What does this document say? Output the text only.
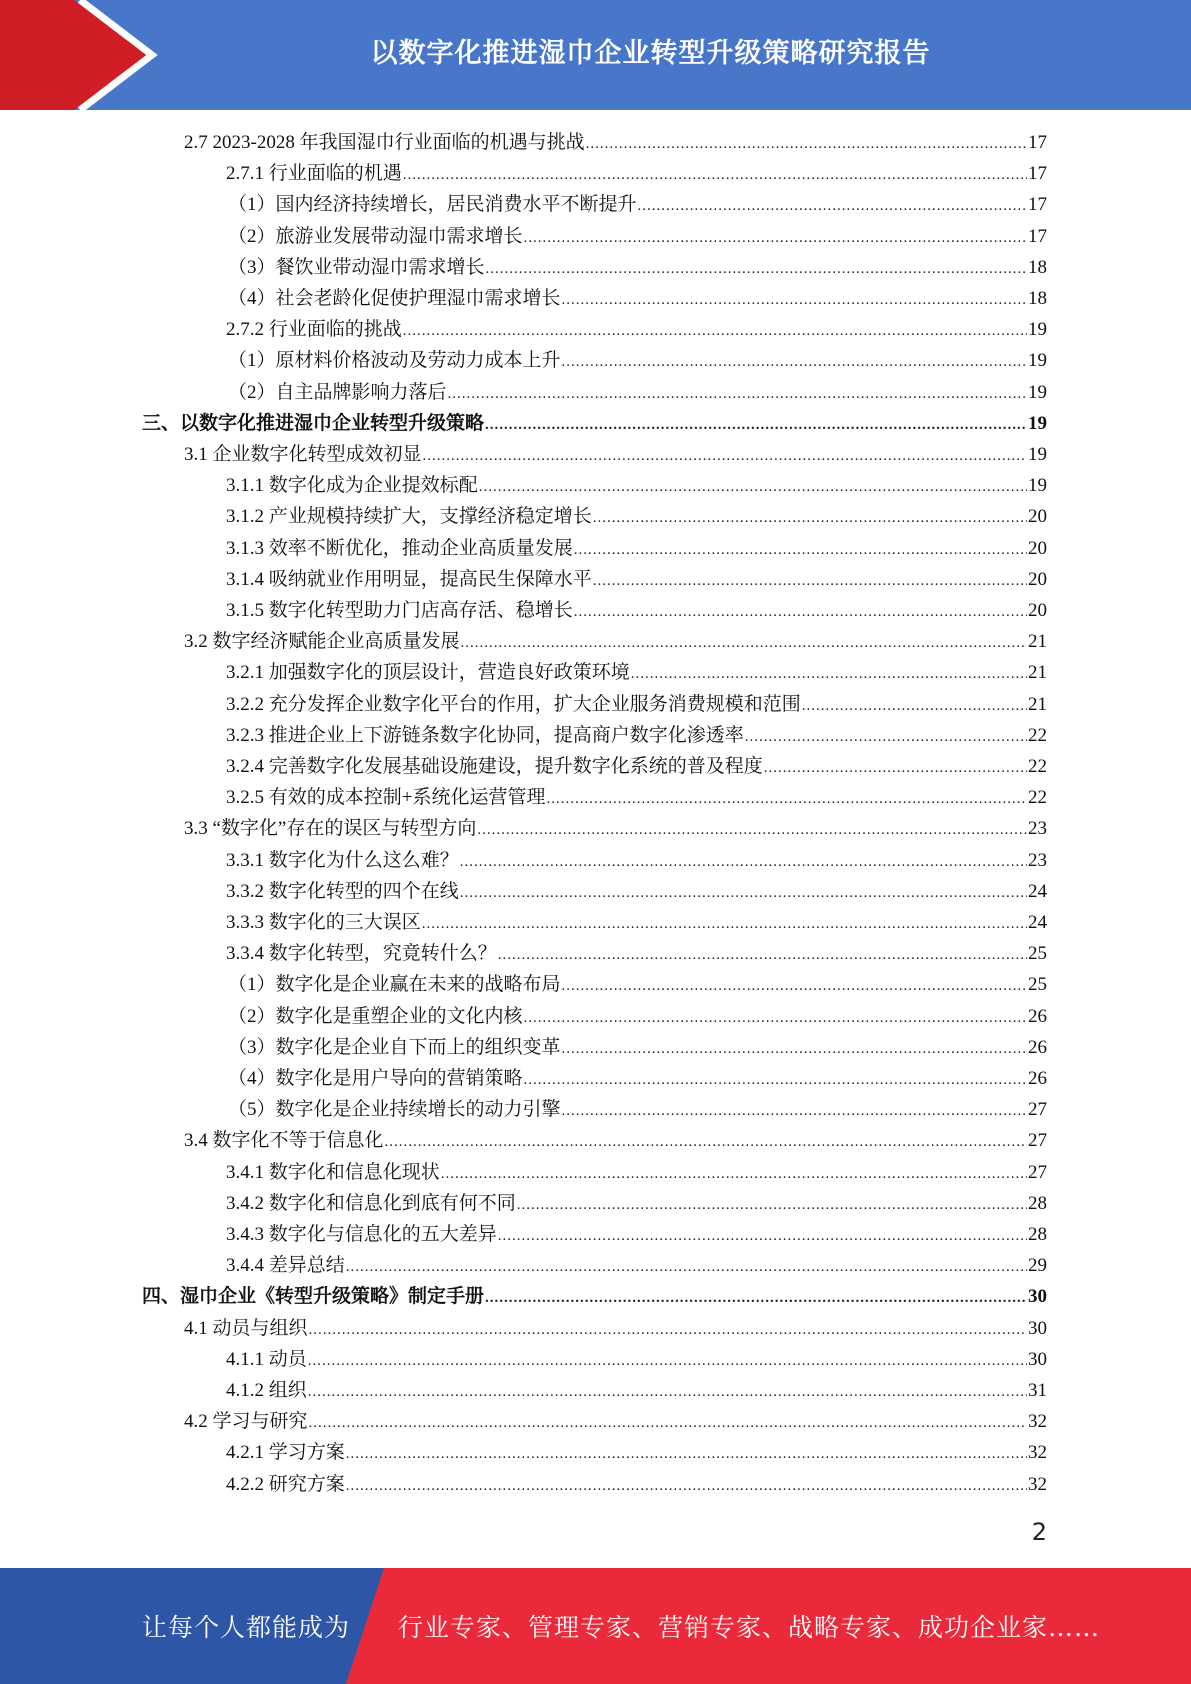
以数字化推进湿巾企业转型升级策略研究报告
2.7 2023-2028 年我国湿巾行业面临的机遇与挑战 .....	17
2.7.1 行业面临的机遇 .....	17
（1）国内经济持续增长，居民消费水平不断提升 .....	17
（2）旅游业发展带动湿巾需求增长 .....	17
（3）餐饮业带动湿巾需求增长 .....	18
（4）社会老龄化促使护理湿巾需求增长 .....	18
2.7.2 行业面临的挑战 .....	19
（1）原材料价格波动及劳动力成本上升 .....	19
（2）自主品牌影响力落后 .....	19
三、以数字化推进湿巾企业转型升级策略 .....	19
3.1 企业数字化转型成效初显 .....	19
3.1.1 数字化成为企业提效标配 .....	19
3.1.2 产业规模持续扩大，支撑经济稳定增长 .....	20
3.1.3 效率不断优化，推动企业高质量发展 .....	20
3.1.4 吸纳就业作用明显，提高民生保障水平 .....	20
3.1.5 数字化转型助力门店高存活、稳增长 .....	20
3.2 数字经济赋能企业高质量发展 .....	21
3.2.1 加强数字化的顶层设计，营造良好政策环境 .....	21
3.2.2 充分发挥企业数字化平台的作用，扩大企业服务消费规模和范围 .....	21
3.2.3 推进企业上下游链条数字化协同，提高商户数字化渗透率 .....	22
3.2.4 完善数字化发展基础设施建设，提升数字化系统的普及程度 .....	22
3.2.5 有效的成本控制+系统化运营管理 .....	22
3.3 “数字化”存在的误区与转型方向 .....	23
3.3.1 数字化为什么这么难？ .....	23
3.3.2 数字化转型的四个在线 .....	24
3.3.3 数字化的三大误区 .....	24
3.3.4 数字化转型，究竟转什么？ .....	25
（1）数字化是企业赢在未来的战略布局 .....	25
（2）数字化是重塑企业的文化内核 .....	26
（3）数字化是企业自下而上的组织变革 .....	26
（4）数字化是用户导向的营销策略 .....	26
（5）数字化是企业持续增长的动力引擎 .....	27
3.4 数字化不等于信息化 .....	27
3.4.1 数字化和信息化现状 .....	27
3.4.2 数字化和信息化到底有何不同 .....	28
3.4.3 数字化与信息化的五大差异 .....	28
3.4.4 差异总结 .....	29
四、湿巾企业《转型升级策略》制定手册 .....	30
4.1 动员与组织 .....	30
4.1.1 动员 .....	30
4.1.2 组织 .....	31
4.2 学习与研究 .....	32
4.2.1 学习方案 .....	32
4.2.2 研究方案 .....	32
2
让每个人都能成为 行业专家、管理专家、营销专家、战略专家、成功企业家……
